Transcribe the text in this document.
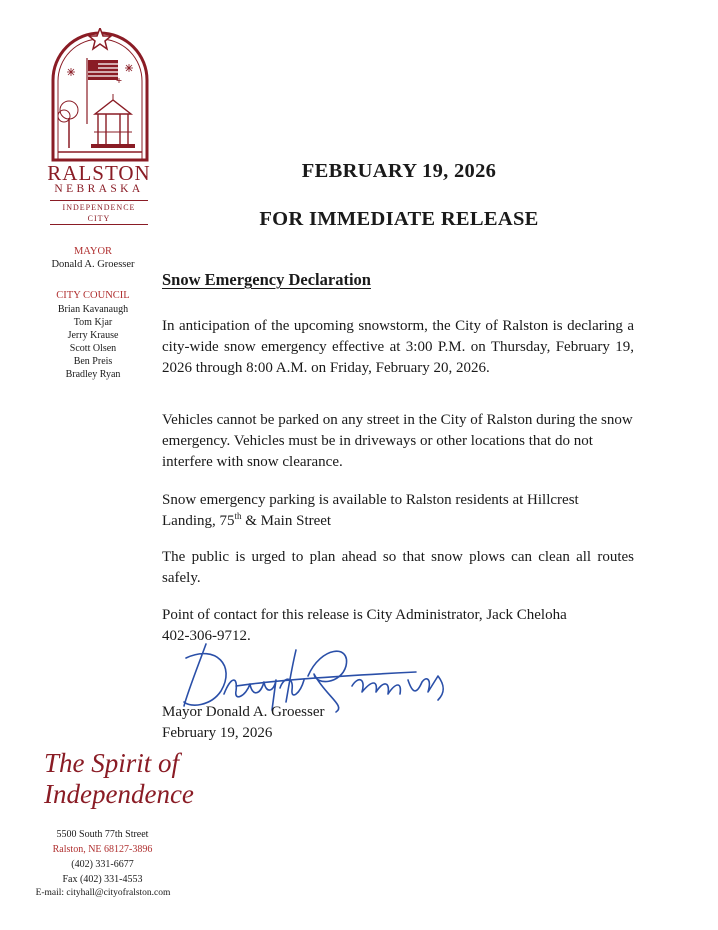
RALSTON
NEBRASKA
INDEPENDENCE CITY
MAYOR
Donald A. Groesser
CITY COUNCIL
Brian Kavanaugh
Tom Kjar
Jerry Krause
Scott Olsen
Ben Preis
Bradley Ryan
FEBRUARY 19, 2026
FOR IMMEDIATE RELEASE
Snow Emergency Declaration
In anticipation of the upcoming snowstorm, the City of Ralston is declaring a city-wide snow emergency effective at 3:00 P.M. on Thursday, February 19, 2026 through 8:00 A.M. on Friday, February 20, 2026.
Vehicles cannot be parked on any street in the City of Ralston during the snow emergency. Vehicles must be in driveways or other locations that do not interfere with snow clearance.
Snow emergency parking is available to Ralston residents at Hillcrest Landing, 75th & Main Street
The public is urged to plan ahead so that snow plows can clean all routes safely.
Point of contact for this release is City Administrator, Jack Cheloha
402-306-9712.
Mayor Donald A. Groesser
February 19, 2026
The Spirit of
Independence
5500 South 77th Street
Ralston, NE 68127-3896
(402) 331-6677
Fax (402) 331-4553
E-mail: cityhall@cityofralston.com
